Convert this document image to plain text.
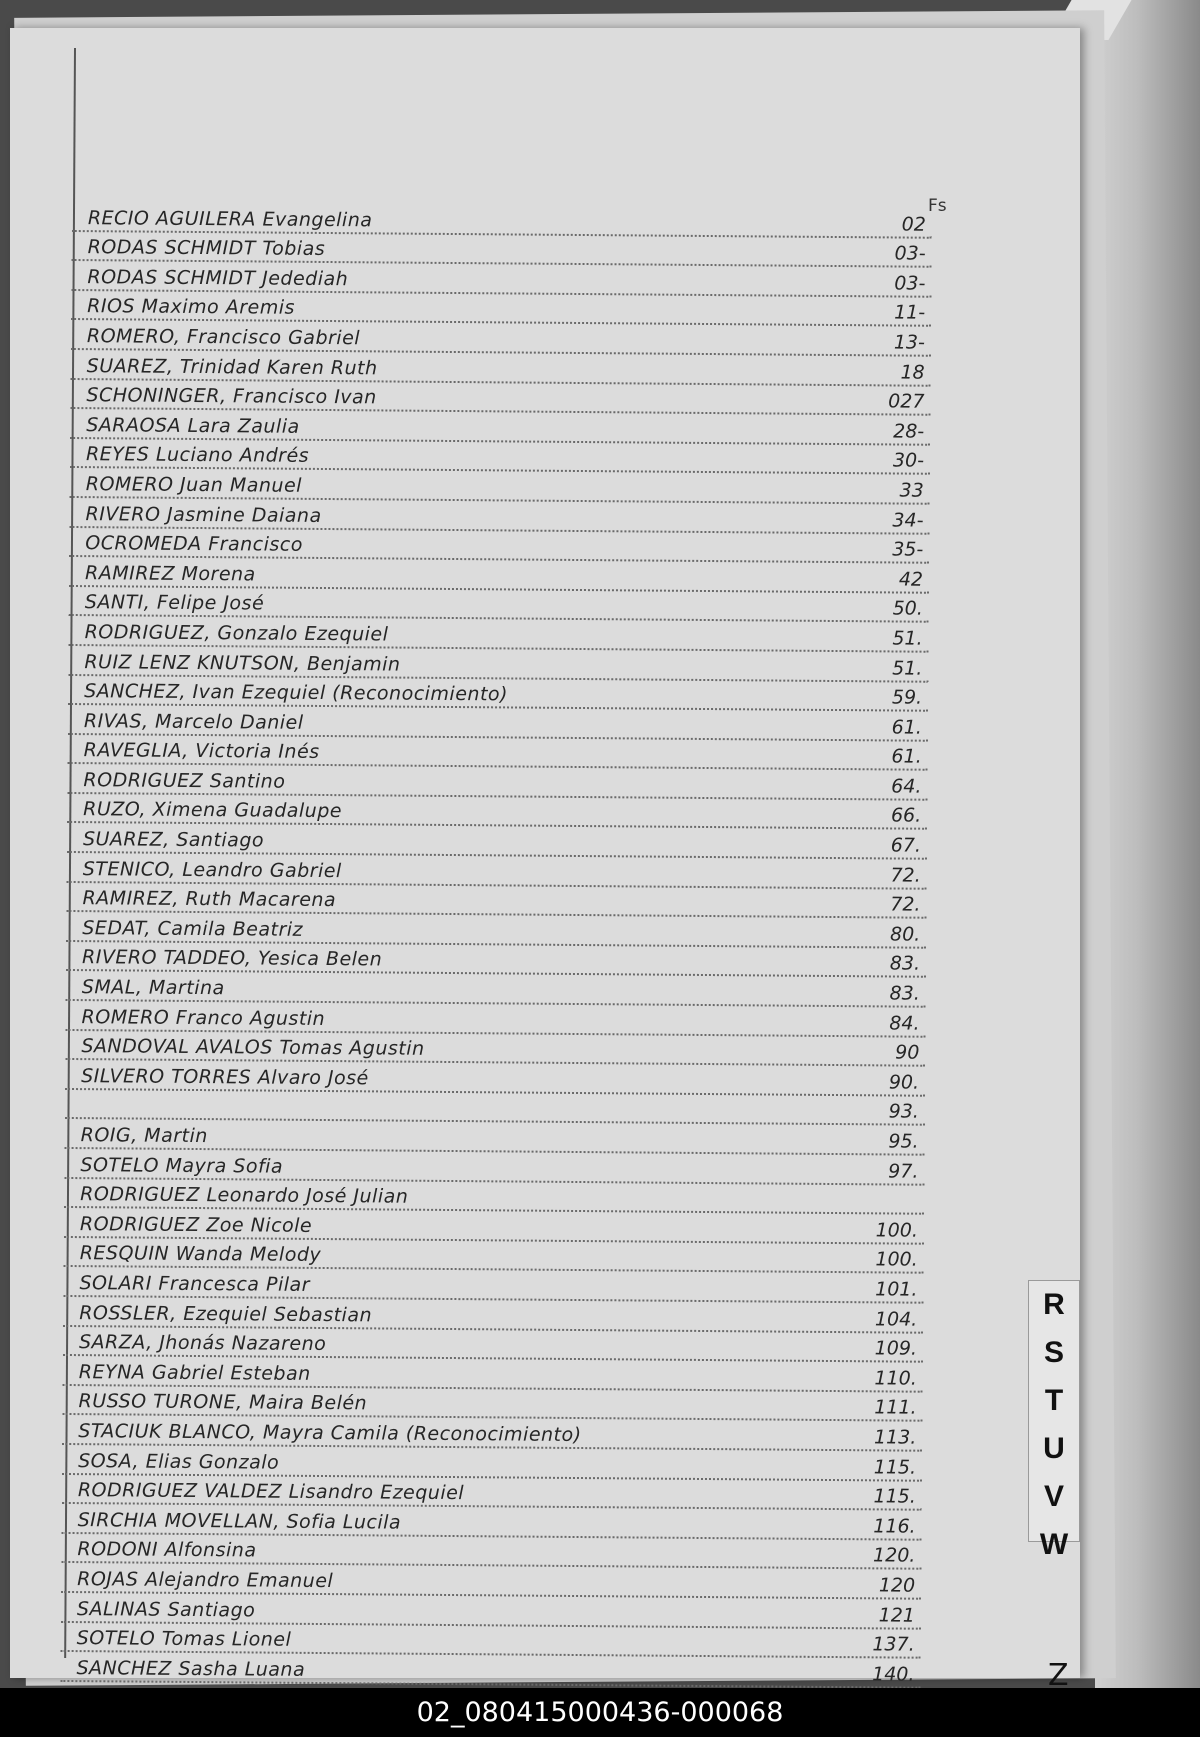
Fs
RECIO AGUILERA Evangelina	02
RODAS SCHMIDT Tobias	03-
RODAS SCHMIDT Jedediah	03-
RIOS Maximo Aremis	11-
ROMERO, Francisco Gabriel	13-
SUAREZ, Trinidad Karen Ruth	18
SCHONINGER, Francisco Ivan	027
SARAOSA Lara Zaulia	28-
REYES Luciano Andrés	30-
ROMERO Juan Manuel	33
RIVERO Jasmine Daiana	34-
OCROMEDA Francisco	35-
RAMIREZ Morena	42
SANTI, Felipe José	50.
RODRIGUEZ, Gonzalo Ezequiel	51.
RUIZ LENZ KNUTSON, Benjamin	51.
SANCHEZ, Ivan Ezequiel (Reconocimiento)	59.
RIVAS, Marcelo Daniel	61.
RAVEGLIA, Victoria Inés	61.
RODRIGUEZ Santino	64.
RUZO, Ximena Guadalupe	66.
SUAREZ, Santiago	67.
STENICO, Leandro Gabriel	72.
RAMIREZ, Ruth Macarena	72.
SEDAT, Camila Beatriz	80.
RIVERO TADDEO, Yesica Belen	83.
SMAL, Martina	83.
ROMERO Franco Agustin	84.
SANDOVAL AVALOS Tomas Agustin	90
SILVERO TORRES Alvaro José	90.
93.
ROIG, Martin	95.
SOTELO Mayra Sofia	97.
RODRIGUEZ Leonardo José Julian
RODRIGUEZ Zoe Nicole	100.
RESQUIN Wanda Melody	100.
SOLARI Francesca Pilar	101.
ROSSLER, Ezequiel Sebastian	104.
SARZA, Jhonás Nazareno	109.
REYNA Gabriel Esteban	110.
RUSSO TURONE, Maira Belén	111.
STACIUK BLANCO, Mayra Camila (Reconocimiento)	113.
SOSA, Elias Gonzalo	115.
RODRIGUEZ VALDEZ Lisandro Ezequiel	115.
SIRCHIA MOVELLAN, Sofia Lucila	116.
RODONI Alfonsina	120.
ROJAS Alejandro Emanuel	120
SALINAS Santiago	121
SOTELO Tomas Lionel	137.
SANCHEZ Sasha Luana	140.
R
S
T
U
V
W
Z
02_080415000436-000068
